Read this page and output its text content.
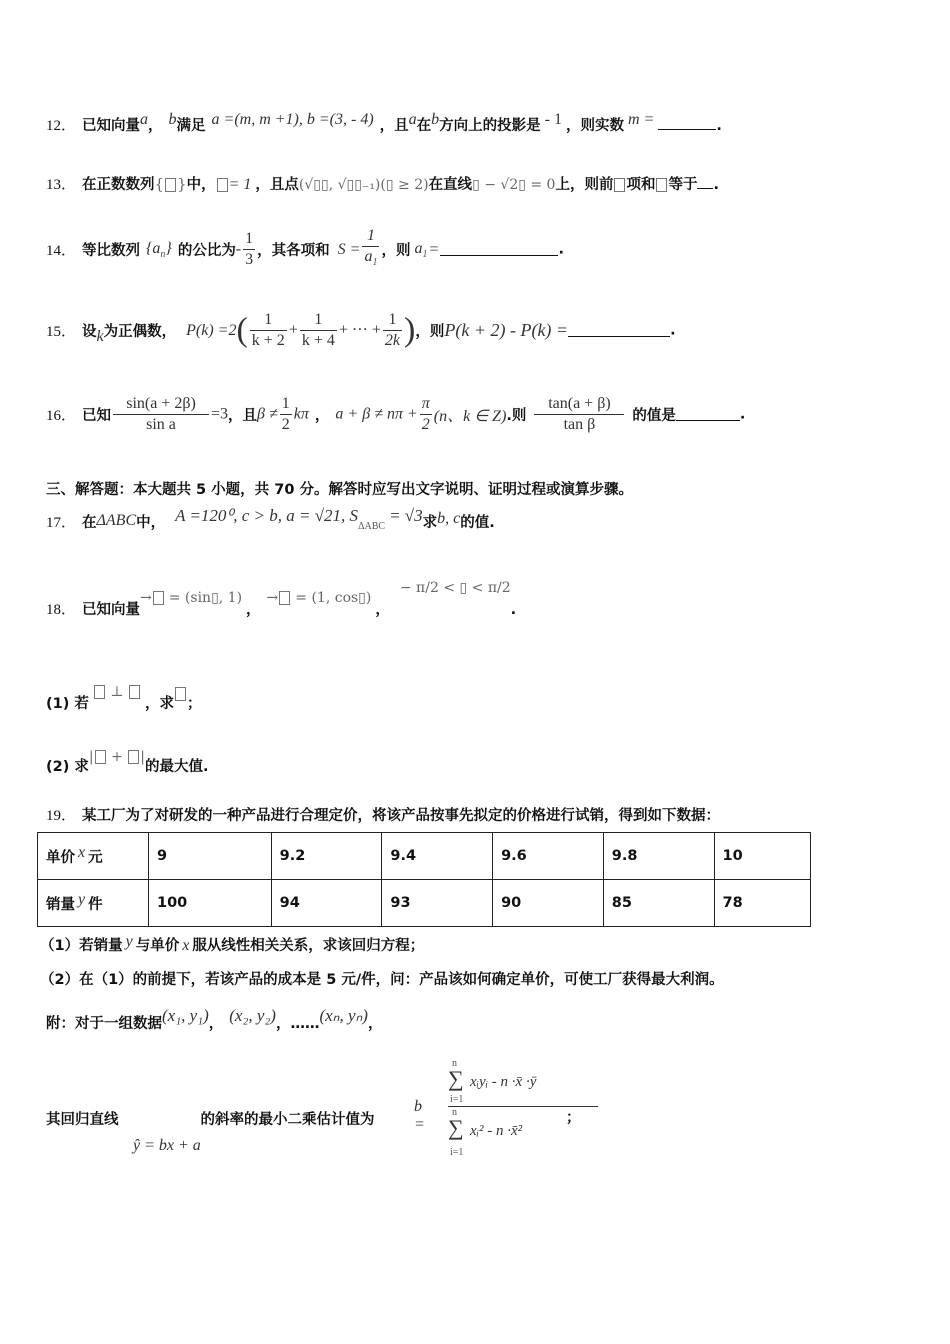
12． 已知向量a， b满足 a =(m, m +1), b =(3, - 4) ，且a在b方向上的投影是 - 1 ，则实数 m =	.
13． 在正数数列{ }中， = 1 ，且点(√▯▯, √▯▯₋₁)(▯ ≥ 2)在直线▯ − √2▯ = 0上，则前 项和 等于 .
14． 等比数列 $\{a_n\}$ 的公比为- $\frac{1}{3}$ ，其各项和 $S = \frac{1}{a_1}$ ，则 $a_1$ =	.
15． 设k为正偶数， $P(k) =2( \frac{1}{k + 2} + \frac{1}{k + 4}$ + ··· + $\frac{1}{2k}$ )，则P(k + 2) - P(k) =	.
16． 已知 $\frac{\sin(a + 2\beta)}{\text{sin a}} =3$，且$\beta \ne \frac{1}{2}$ kπ ， $a + \beta \ne n\pi + \frac{\pi}{2} (n$、k ∈ Z).则 $\frac{\tan(a + \beta)}{\text{tan β}}$ 的值是	.
三、解答题：本大题共 5 小题，共 70 分。解答时应写出文字说明、证明过程或演算步骤。
17． 在ΔABC中， A =120⁰, c > b, a = √21, $S_{\Delta ABC}= √3$求b, c的值.
18． 已知向量→ = (sin▯, 1)，→ = (1, cos▯)，− π/2 < ▯ < π/2.
(1) 若 ⊥ ，求 ；
(2) 求| + |的最大值.
19． 某工厂为了对研发的一种产品进行合理定价，将该产品按事先拟定的价格进行试销，得到如下数据：
单价 x 元	9	9.2	9.4	9.6	9.8	10
销量 y 件	100	94	93	90	85	78
（1）若销量 y 与单价 x 服从线性相关关系，求该回归方程；
（2）在（1）的前提下，若该产品的成本是 5 元/件，问：产品该如何确定单价，可使工厂获得最大利润。
附：对于一组数据(x₁, y₁)， (x₂, y₂)，……(xₙ, yₙ)，
其回归直线	的斜率的最小二乘估计值为
ŷ = bx + a
b =
n
∑
i=1
xᵢyᵢ - n ·x̄ ·ȳ
n
∑
i=1
xᵢ² - n ·x̄²
；
